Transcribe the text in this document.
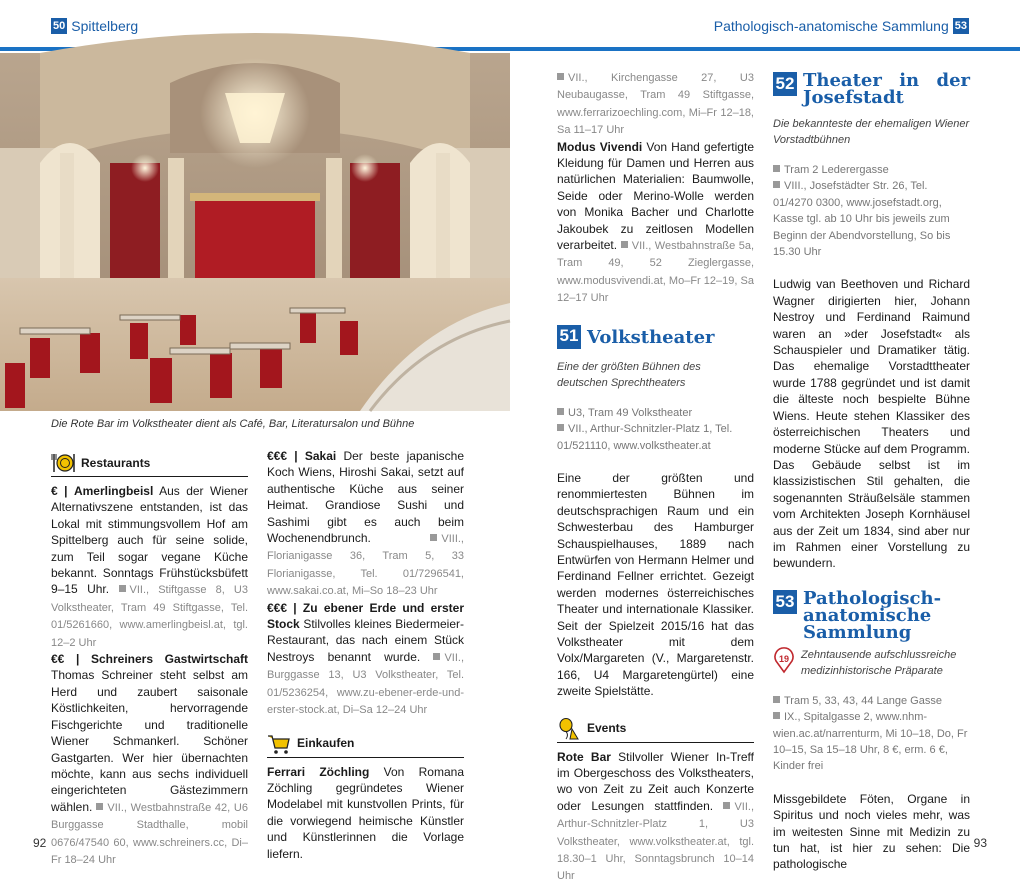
50 Spittelberg	Pathologisch-anatomische Sammlung 53
Die Rote Bar im Volkstheater dient als Café, Bar, Literatursalon und Bühne
Restaurants

€ | Amerlingbeisl Aus der Wiener Alternativszene entstanden, ist das Lokal mit stimmungsvollem Hof am Spittelberg auch für seine solide, zum Teil sogar vegane Küche bekannt. Sonntags Frühstücksbüfett 9–15 Uhr. VII., Stiftgasse 8, U3 Volkstheater, Tram 49 Stiftgasse, Tel. 01/5261660, www.amerlingbeisl.at, tgl. 12–2 Uhr

€€ | Schreiners Gastwirtschaft Thomas Schreiner steht selbst am Herd und zaubert saisonale Köstlichkeiten, hervorragende Fischgerichte und traditionelle Wiener Schmankerl. Schöner Gastgarten. Wer hier übernachten möchte, kann aus sechs individuell eingerichteten Gästezimmern wählen. VII., Westbahnstraße 42, U6 Burggasse Stadthalle, mobil 0676/47540 60, www.schreiners.cc, Di–Fr 18–24 Uhr

€€€ | Sakai Der beste japanische Koch Wiens, Hiroshi Sakai, setzt auf authentische Küche aus seiner Heimat. Grandiose Sushi und Sashimi gibt es auch beim Wochenendbrunch.	VIII., Florianigasse 36, Tram 5, 33 Florianigasse, Tel. 01/7296541, www.sakai.co.at, Mi–So 18–23 Uhr

€€€ | Zu ebener Erde und erster Stock Stilvolles kleines Biedermeier-Restaurant, das nach einem Stück Nestroys benannt wurde. VII., Burggasse 13, U3 Volkstheater, Tel. 01/5236254, www.zu-ebener-erde-und-erster-stock.at, Di–Sa 12–24 Uhr

Einkaufen

Ferrari Zöchling Von Romana Zöchling gegründetes Wiener Modelabel mit kunstvollen Prints, für die vorwiegend heimische Künstler und Künstlerinnen die Vorlage liefern.

VII., Kirchengasse 27, U3 Neubaugasse, Tram 49 Stiftgasse, www.ferrarizoechling.com, Mi–Fr 12–18, Sa 11–17 Uhr

Modus Vivendi Von Hand gefertigte Kleidung für Damen und Herren aus natürlichen Materialien: Baumwolle, Seide oder Merino-Wolle werden von Monika Bacher und Charlotte Jakoubek zu zeitlosen Modellen verarbeitet. VII., Westbahnstraße 5a, Tram 49, 52 Zieglergasse, www.modusvivendi.at, Mo–Fr 12–19, Sa 12–17 Uhr

51 Volkstheater
Eine der größten Bühnen des deutschen Sprechtheaters
U3, Tram 49 Volkstheater
VII., Arthur-Schnitzler-Platz 1, Tel. 01/521110, www.volkstheater.at

Eine der größten und renommiertesten Bühnen im deutschsprachigen Raum und ein Schwesterbau des Hamburger Schauspielhauses, 1889 nach Entwürfen von Hermann Helmer und Ferdinand Fellner errichtet. Gezeigt werden modernes österreichisches Theater und internationale Klassiker. Seit der Spielzeit 2015/16 hat das Volkstheater mit dem Volx/Margareten (V., Margaretenstr. 166, U4 Margaretengürtel) eine zweite Spielstätte.

Events

Rote Bar Stilvoller Wiener In-Treff im Obergeschoss des Volkstheaters, wo von Zeit zu Zeit auch Konzerte oder Lesungen stattfinden. VII., Arthur-Schnitzler-Platz 1, U3 Volkstheater, www.volkstheater.at, tgl. 18.30–1 Uhr, Sonntagsbrunch 10–14 Uhr

52 Theater in der Josefstadt
Die bekannteste der ehemaligen Wiener Vorstadtbühnen
Tram 2 Lederergasse
VIII., Josefstädter Str. 26, Tel. 01/4270 0300, www.josefstadt.org, Kasse tgl. ab 10 Uhr bis jeweils zum Beginn der Abendvorstellung, So bis 15.30 Uhr

Ludwig van Beethoven und Richard Wagner dirigierten hier, Johann Nestroy und Ferdinand Raimund waren an »der Josefstadt« als Schauspieler und Dramatiker tätig. Das ehemalige Vorstadttheater wurde 1788 gegründet und ist damit die älteste noch bespielte Bühne Wiens. Heute stehen Klassiker des österreichischen Theaters und moderne Stücke auf dem Programm. Das Gebäude selbst ist im klassizistischen Stil gehalten, die sogenannten Sträußelsäle stammen vom Architekten Joseph Kornhäusel aus der Zeit um 1834, sind aber nur im Rahmen einer Vorstellung zu bewundern.

53 Pathologisch-anatomische Sammlung
19	Zehntausende aufschlussreiche medizinhistorische Präparate
Tram 5, 33, 43, 44 Lange Gasse
IX., Spitalgasse 2, www.nhm-wien.ac.at/narrenturm, Mi 10–18, Do, Fr 10–15, Sa 15–18 Uhr, 8 €, erm. 6 €, Kinder frei

Missgebildete Föten, Organe in Spiritus und noch vieles mehr, was im weitesten Sinne mit Medizin zu tun hat, ist hier zu sehen: Die pathologische

92	93
